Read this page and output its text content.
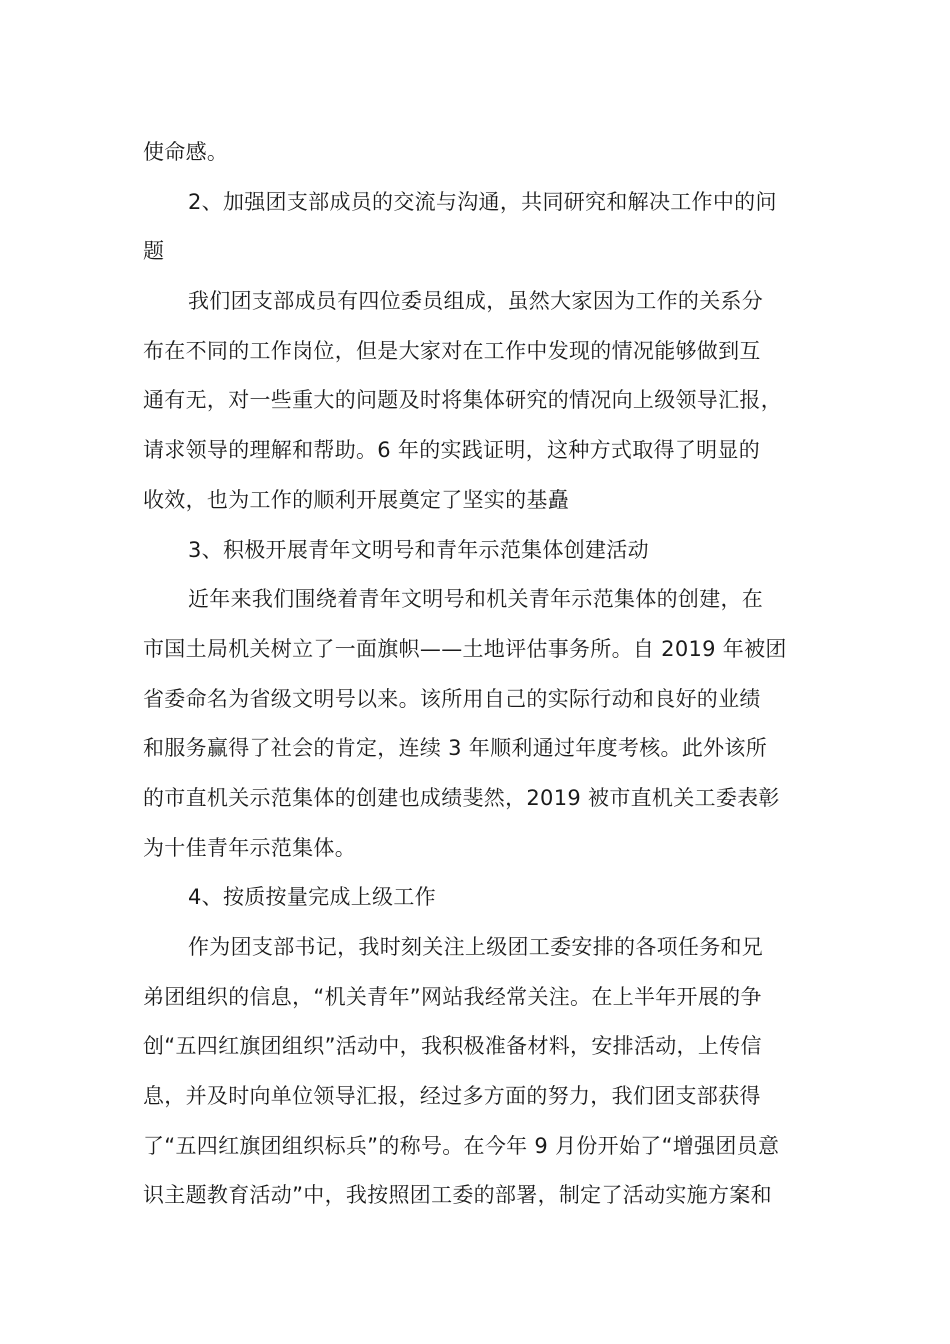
使命感。
2、加强团支部成员的交流与沟通，共同研究和解决工作中的问
题
我们团支部成员有四位委员组成，虽然大家因为工作的关系分
布在不同的工作岗位，但是大家对在工作中发现的情况能够做到互
通有无，对一些重大的问题及时将集体研究的情况向上级领导汇报，
请求领导的理解和帮助。6 年的实践证明，这种方式取得了明显的
收效，也为工作的顺利开展奠定了坚实的基矗
3、积极开展青年文明号和青年示范集体创建活动
近年来我们围绕着青年文明号和机关青年示范集体的创建，在
市国土局机关树立了一面旗帜——土地评估事务所。自 2019 年被团
省委命名为省级文明号以来。该所用自己的实际行动和良好的业绩
和服务赢得了社会的肯定，连续 3 年顺利通过年度考核。此外该所
的市直机关示范集体的创建也成绩斐然，2019 被市直机关工委表彰
为十佳青年示范集体。
4、按质按量完成上级工作
作为团支部书记，我时刻关注上级团工委安排的各项任务和兄
弟团组织的信息，“机关青年”网站我经常关注。在上半年开展的争
创“五四红旗团组织”活动中，我积极准备材料，安排活动，上传信
息，并及时向单位领导汇报，经过多方面的努力，我们团支部获得
了“五四红旗团组织标兵”的称号。在今年 9 月份开始了“增强团员意
识主题教育活动”中，我按照团工委的部署，制定了活动实施方案和
